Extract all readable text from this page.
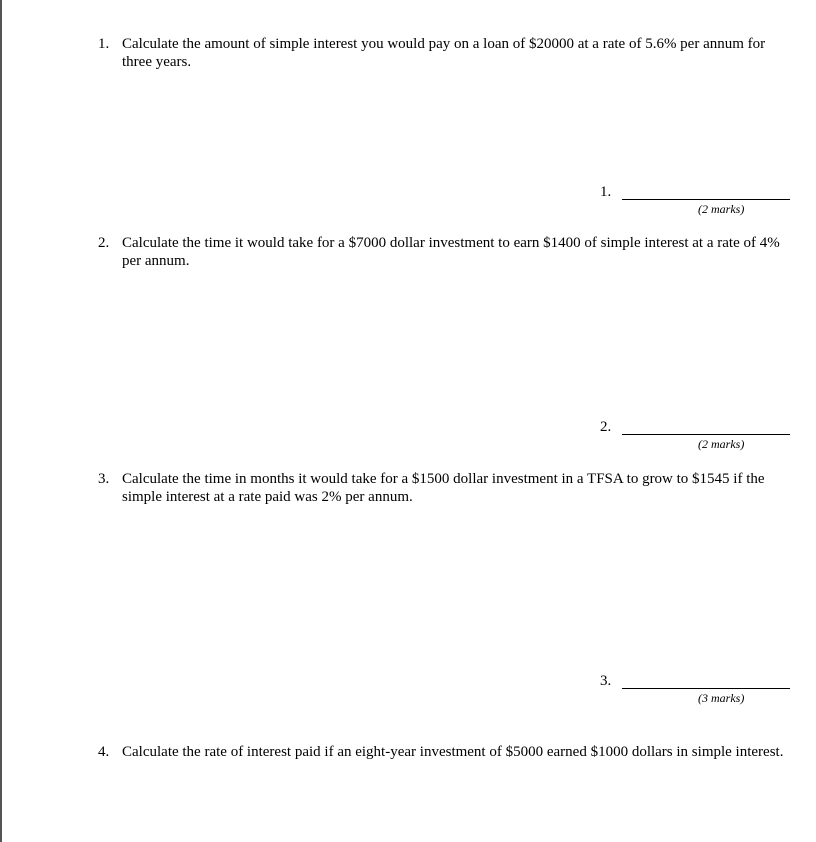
1. Calculate the amount of simple interest you would pay on a loan of $20000 at a rate of 5.6% per annum for three years.
1.
(2 marks)
2. Calculate the time it would take for a $7000 dollar investment to earn $1400 of simple interest at a rate of 4% per annum.
2.
(2 marks)
3. Calculate the time in months it would take for a $1500 dollar investment in a TFSA to grow to $1545 if the simple interest at a rate paid was 2% per annum.
3.
(3 marks)
4. Calculate the rate of interest paid if an eight-year investment of $5000 earned $1000 dollars in simple interest.
